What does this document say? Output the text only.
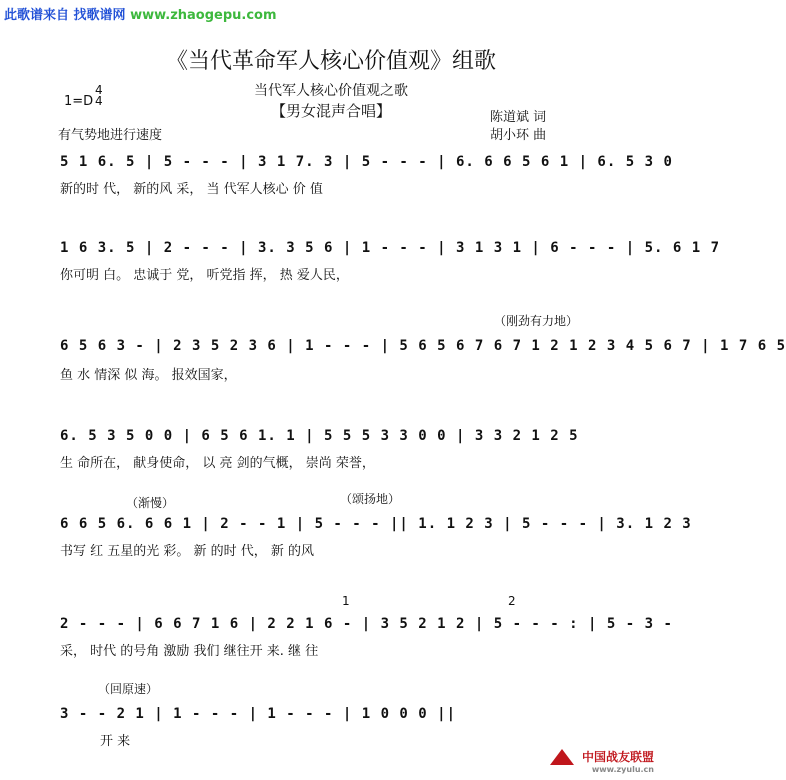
此歌谱来自 找歌谱网 www.zhaogepu.com
《当代革命军人核心价值观》组歌
当代军人核心价值观之歌
【男女混声合唱】
1=D
4
4
陈道斌 词
胡小环 曲
有气势地进行速度
5 1 6. 5 | 5 - - - | 3 1 7. 3 | 5 - - - | 6. 6 6 5 6 1 | 6. 5 3 0
新的时 代， 新的风 采， 当 代军人核心 价 值
1 6 3. 5 | 2 - - - | 3. 3 5 6 | 1 - - - | 3 1 3 1 | 6 - - - | 5. 6 1 7
你可明 白。 忠诚于 党， 听党指 挥， 热 爱人民，
（刚劲有力地）
6 5 6 3 - | 2 3 5 2 3 6 | 1 - - - | 5 6 5 6 7 6 7 1 2 1 2 3 4 5 6 7 | 1 7 6 5
鱼 水 情深 似 海。 报效国家，
6. 5 3 5 0 0 | 6 5 6 1. 1 | 5 5 5 3 3 0 0 | 3 3 2 1 2 5
生 命所在， 献身使命， 以 亮 剑的气概， 崇尚 荣誉，
（渐慢）	（颂扬地）
6 6 5 6. 6 6 1 | 2 - - 1 | 5 - - - || 1. 1 2 3 | 5 - - - | 3. 1 2 3
书写 红 五星的光 彩。 新 的时 代， 新 的风
1	2
2 - - - | 6 6 7 1 6 | 2 2 1 6 - | 3 5 2 1 2 | 5 - - - : | 5 - 3 -
采， 时代 的号角 激励 我们 继往开 来. 继 往
（回原速）
3 - - 2 1 | 1 - - - | 1 - - - | 1 0 0 0 ||
开 来
中国战友联盟
www.zyulu.cn
